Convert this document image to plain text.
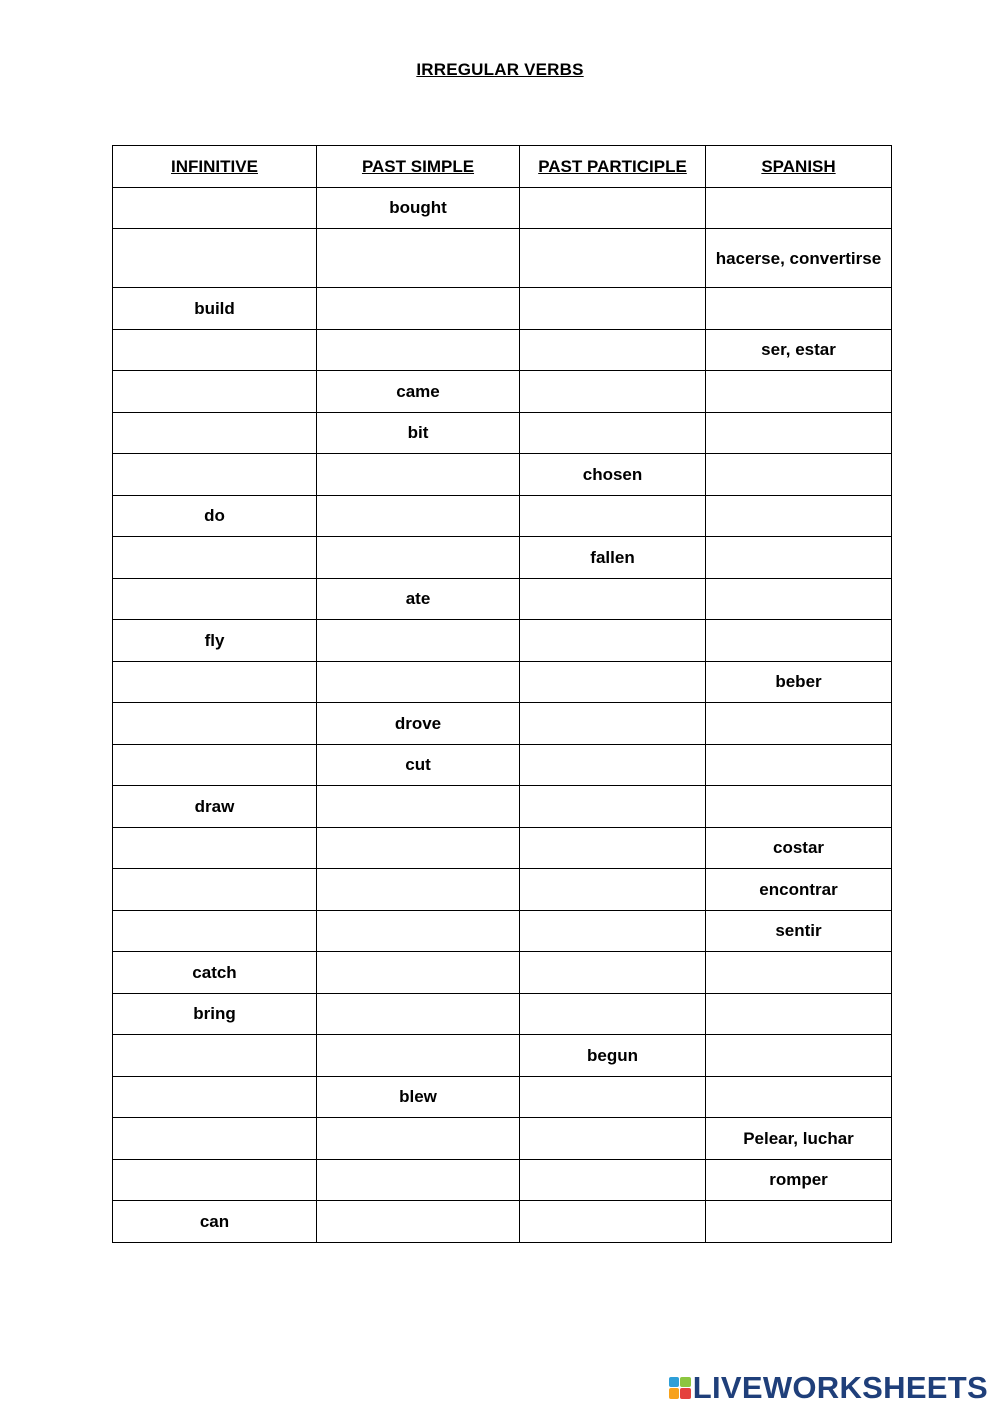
IRREGULAR VERBS
INFINITIVE	PAST SIMPLE	PAST PARTICIPLE	SPANISH
	bought		
			hacerse, convertirse
build			
			ser, estar
	came		
	bit		
		chosen	
do			
		fallen	
	ate		
fly			
			beber
	drove		
	cut		
draw			
			costar
			encontrar
			sentir
catch			
bring			
		begun	
	blew		
			Pelear, luchar
			romper
can			
LIVEWORKSHEETS
